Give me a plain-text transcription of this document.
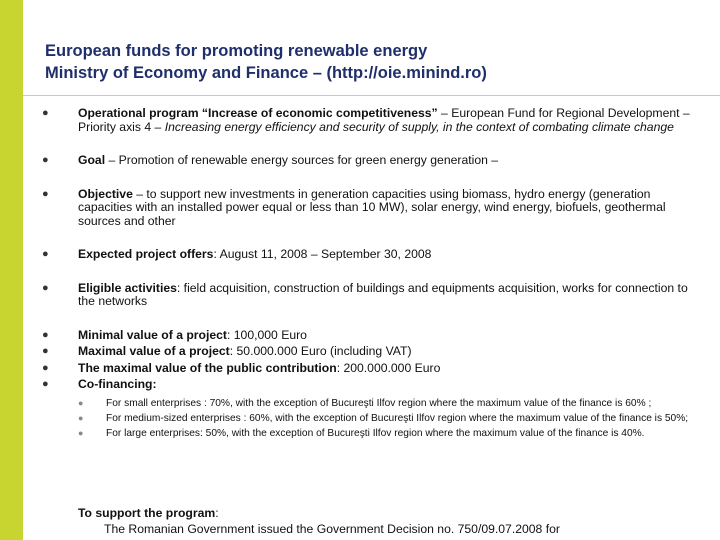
European funds for promoting renewable energy
Ministry of Economy and Finance – (http://oie.minind.ro)
● Operational program “Increase of economic competitiveness” – European Fund for Regional Development – Priority axis 4 – Increasing energy efficiency and security of supply, in the context of combating climate change
● Goal – Promotion of renewable energy sources for green energy generation –
● Objective – to support new investments in generation capacities using biomass, hydro energy (generation capacities with an installed power equal or less than 10 MW), solar energy, wind energy, biofuels, geothermal sources and other
● Expected project offers: August 11, 2008 – September 30, 2008
● Eligible activities: field acquisition, construction of buildings and equipments acquisition, works for connection to the networks
● Minimal value of a project: 100,000 Euro
● Maximal value of a project: 50.000.000 Euro (including VAT)
● The maximal value of the public contribution: 200.000.000 Euro
● Co-financing:
● For small enterprises : 70%, with the exception of Bucureşti Ilfov region where the maximum value of the finance is 60% ;
● For medium-sized enterprises : 60%, with the exception of Bucureşti Ilfov region where the maximum value of the finance is 50%;
● For large enterprises: 50%, with the exception of Bucureşti Ilfov region where the maximum value of the finance is 40%.
To support the program:
The Romanian Government issued the Government Decision no. 750/09.07.2008 for
